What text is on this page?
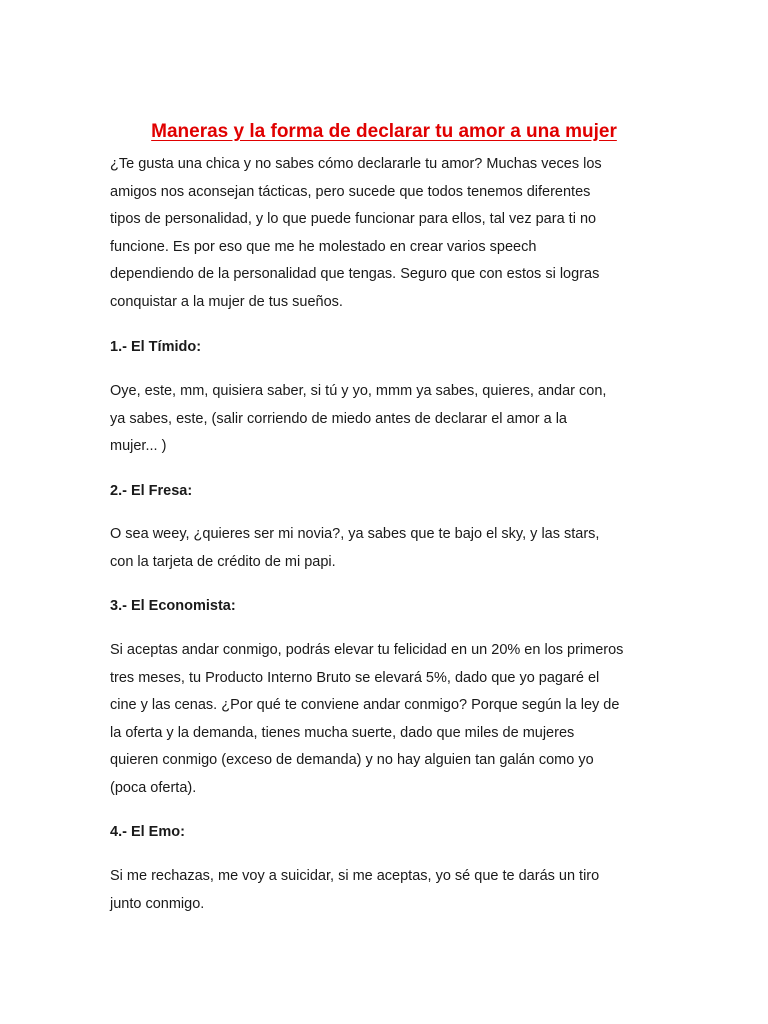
Maneras y la forma de declarar tu amor a una mujer

¿Te gusta una chica y no sabes cómo declararle tu amor? Muchas veces los
amigos nos aconsejan tácticas, pero sucede que todos tenemos diferentes
tipos de personalidad, y lo que puede funcionar para ellos, tal vez para ti no
funcione. Es por eso que me he molestado en crear varios speech
dependiendo de la personalidad que tengas. Seguro que con estos si logras
conquistar a la mujer de tus sueños.

1.- El Tímido:

Oye, este, mm, quisiera saber, si tú y yo, mmm ya sabes, quieres, andar con,
ya sabes, este, (salir corriendo de miedo antes de declarar el amor a la
mujer... )

2.- El Fresa:

O sea weey, ¿quieres ser mi novia?, ya sabes que te bajo el sky, y las stars,
con la tarjeta de crédito de mi papi.

3.- El Economista:

Si aceptas andar conmigo, podrás elevar tu felicidad en un 20% en los primeros
tres meses, tu Producto Interno Bruto se elevará 5%, dado que yo pagaré el
cine y las cenas. ¿Por qué te conviene andar conmigo? Porque según la ley de
la oferta y la demanda, tienes mucha suerte, dado que miles de mujeres
quieren conmigo (exceso de demanda) y no hay alguien tan galán como yo
(poca oferta).

4.- El Emo:

Si me rechazas, me voy a suicidar, si me aceptas, yo sé que te darás un tiro
junto conmigo.
